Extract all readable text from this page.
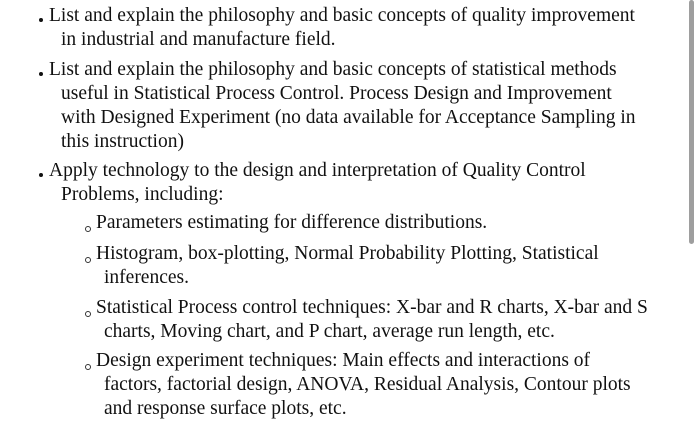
List and explain the philosophy and basic concepts of quality improvement
in industrial and manufacture field.
List and explain the philosophy and basic concepts of statistical methods
useful in Statistical Process Control. Process Design and Improvement
with Designed Experiment (no data available for Acceptance Sampling in
this instruction)
Apply technology to the design and interpretation of Quality Control
Problems, including:
Parameters estimating for difference distributions.
Histogram, box-plotting, Normal Probability Plotting, Statistical
inferences.
Statistical Process control techniques: X-bar and R charts, X-bar and S
charts, Moving chart, and P chart, average run length, etc.
Design experiment techniques: Main effects and interactions of
factors, factorial design, ANOVA, Residual Analysis, Contour plots
and response surface plots, etc.
